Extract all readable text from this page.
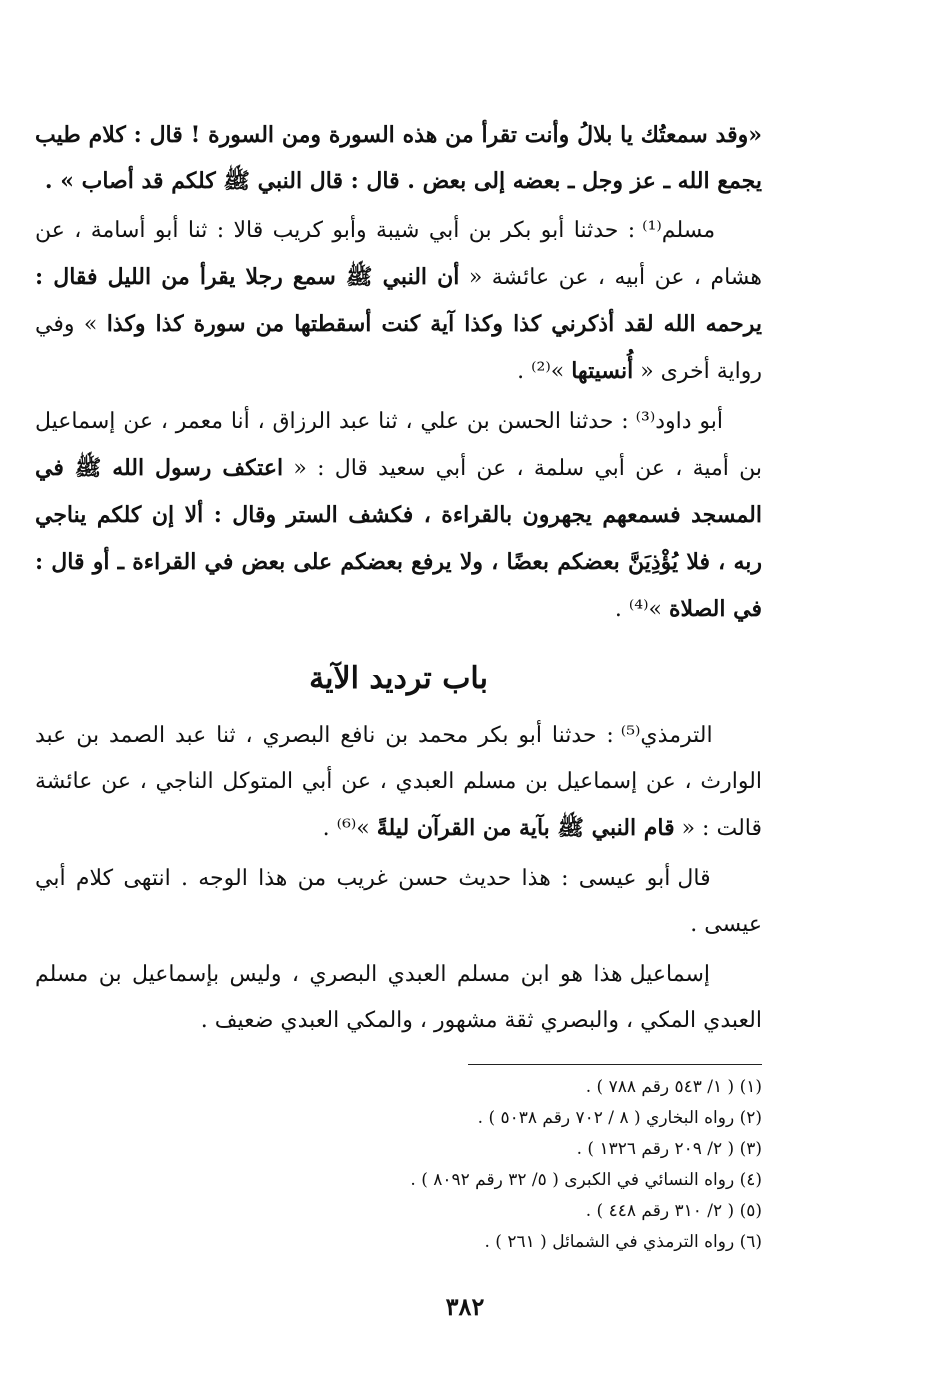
«وقد سمعتُك يا بلالُ وأنت تقرأ من هذه السورة ومن السورة ! قال : كلام طيب يجمع الله ـ عز وجل ـ بعضه إلى بعض . قال : قال النبي ﷺ كلكم قد أصاب » .
مسلم⁽¹⁾ : حدثنا أبو بكر بن أبي شيبة وأبو كريب قالا : ثنا أبو أسامة ، عن هشام ، عن أبيه ، عن عائشة « أن النبي ﷺ سمع رجلا يقرأ من الليل فقال : يرحمه الله لقد أذكرني كذا وكذا آية كنت أسقطتها من سورة كذا وكذا » وفي رواية أخرى « أُنسيتها »⁽²⁾ .
أبو داود⁽³⁾ : حدثنا الحسن بن علي ، ثنا عبد الرزاق ، أنا معمر ، عن إسماعيل بن أمية ، عن أبي سلمة ، عن أبي سعيد قال : « اعتكف رسول الله ﷺ في المسجد فسمعهم يجهرون بالقراءة ، فكشف الستر وقال : ألا إن كلكم يناجي ربه ، فلا يُؤْذِيَنَّ بعضكم بعضًا ، ولا يرفع بعضكم على بعض في القراءة ـ أو قال : في الصلاة »⁽⁴⁾ .
باب ترديد الآية
الترمذي⁽⁵⁾ : حدثنا أبو بكر محمد بن نافع البصري ، ثنا عبد الصمد بن عبد الوارث ، عن إسماعيل بن مسلم العبدي ، عن أبي المتوكل الناجي ، عن عائشة قالت : « قام النبي ﷺ بآية من القرآن ليلةً »⁽⁶⁾ .
قال أبو عيسى : هذا حديث حسن غريب من هذا الوجه . انتهى كلام أبي عيسى .
إسماعيل هذا هو ابن مسلم العبدي البصري ، وليس بإسماعيل بن مسلم العبدي المكي ، والبصري ثقة مشهور ، والمكي العبدي ضعيف .
(١) ( ١/ ٥٤٣ رقم ٧٨٨ ) .
(٢) رواه البخاري ( ٨ / ٧٠٢ رقم ٥٠٣٨ ) .
(٣) ( ٢/ ٢٠٩ رقم ١٣٢٦ ) .
(٤) رواه النسائي في الكبرى ( ٥/ ٣٢ رقم ٨٠٩٢ ) .
(٥) ( ٢/ ٣١٠ رقم ٤٤٨ ) .
(٦) رواه الترمذي في الشمائل ( ٢٦١ ) .
٣٨٢
